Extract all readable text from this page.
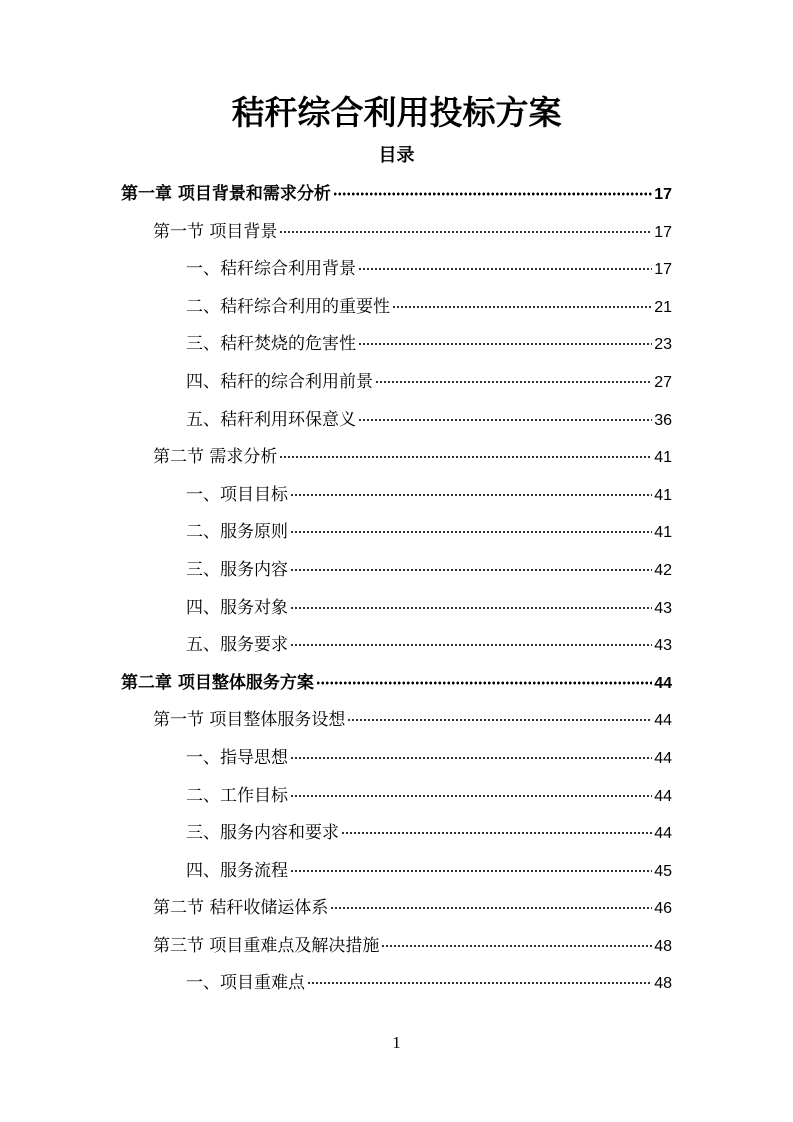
秸秆综合利用投标方案
目录
第一章 项目背景和需求分析	17
第一节 项目背景	17
一、秸秆综合利用背景	17
二、秸秆综合利用的重要性	21
三、秸秆焚烧的危害性	23
四、秸秆的综合利用前景	27
五、秸秆利用环保意义	36
第二节 需求分析	41
一、项目目标	41
二、服务原则	41
三、服务内容	42
四、服务对象	43
五、服务要求	43
第二章 项目整体服务方案	44
第一节 项目整体服务设想	44
一、指导思想	44
二、工作目标	44
三、服务内容和要求	44
四、服务流程	45
第二节 秸秆收储运体系	46
第三节 项目重难点及解决措施	48
一、项目重难点	48
1
